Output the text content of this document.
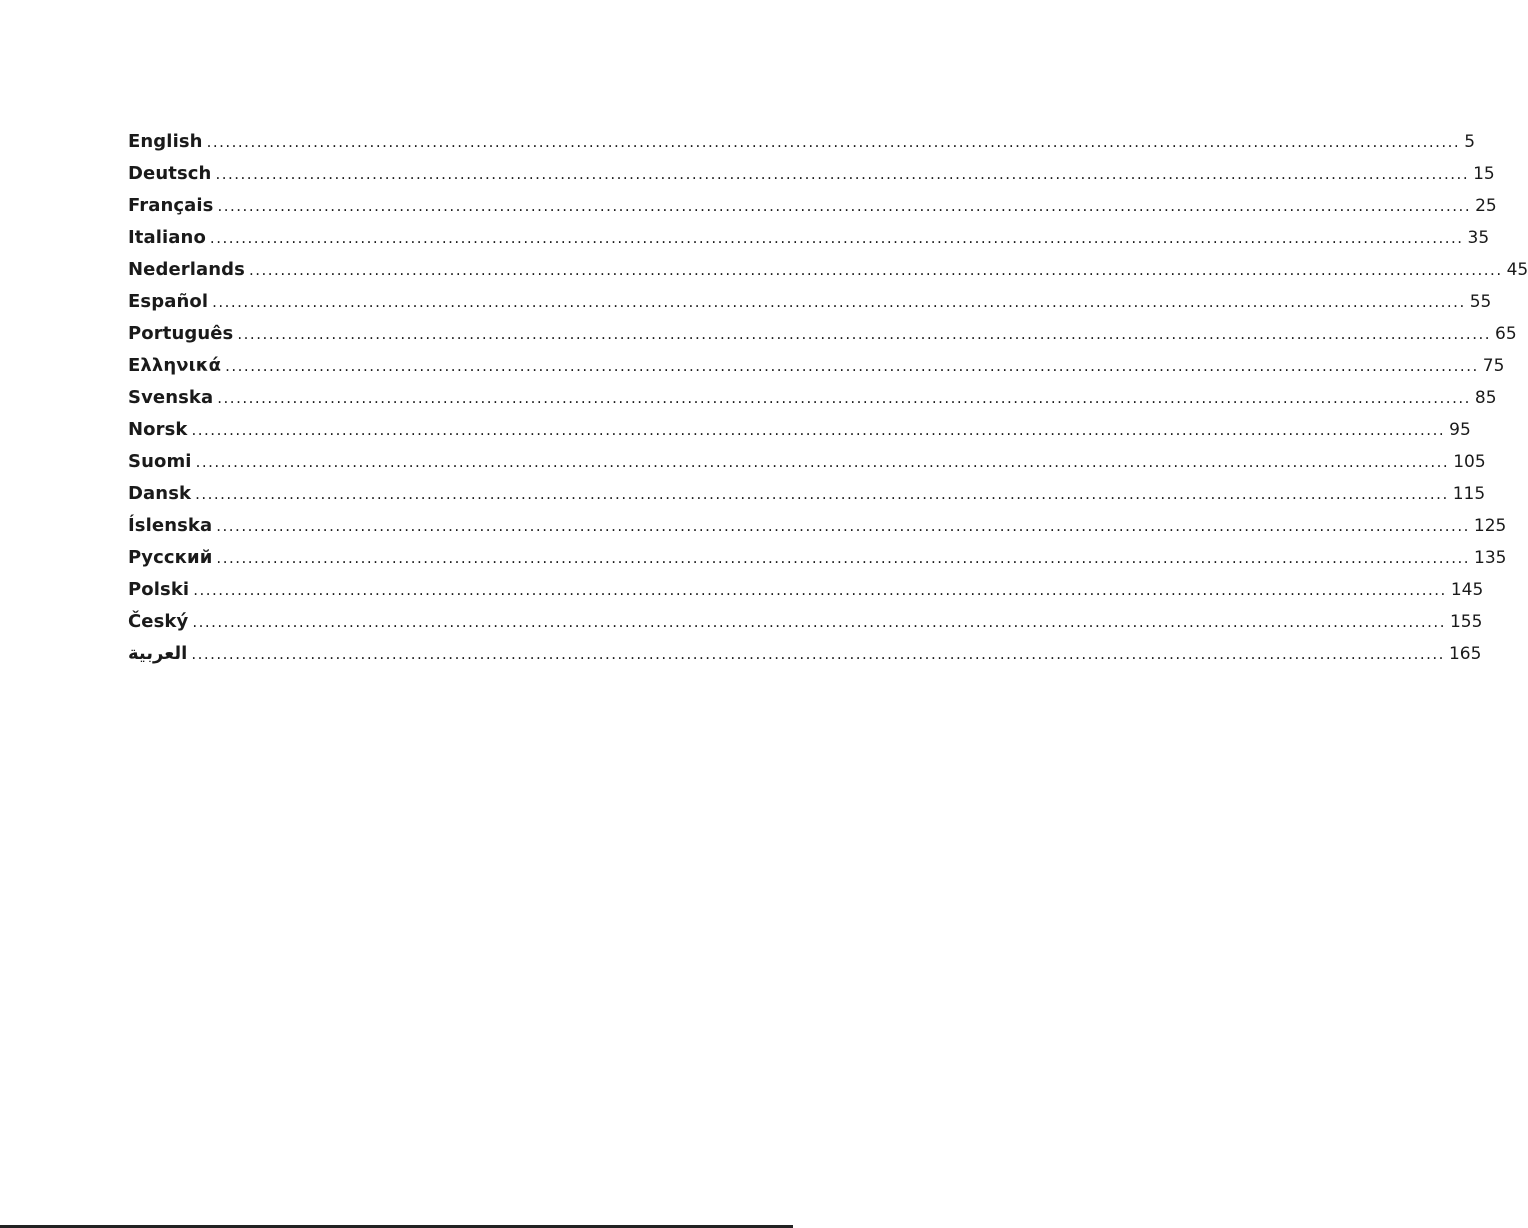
English ........................................................................................................................................................................................................ 5
Deutsch ........................................................................................................................................................................................................ 15
Français ........................................................................................................................................................................................................ 25
Italiano ........................................................................................................................................................................................................ 35
Nederlands ........................................................................................................................................................................................................ 45
Español ........................................................................................................................................................................................................ 55
Português ........................................................................................................................................................................................................ 65
Ελληνικά ........................................................................................................................................................................................................ 75
Svenska ........................................................................................................................................................................................................ 85
Norsk ........................................................................................................................................................................................................ 95
Suomi ........................................................................................................................................................................................................ 105
Dansk ........................................................................................................................................................................................................ 115
Íslenska ........................................................................................................................................................................................................ 125
Русский ........................................................................................................................................................................................................ 135
Polski ........................................................................................................................................................................................................ 145
Český ........................................................................................................................................................................................................ 155
العربية ........................................................................................................................................................................................................ 165
